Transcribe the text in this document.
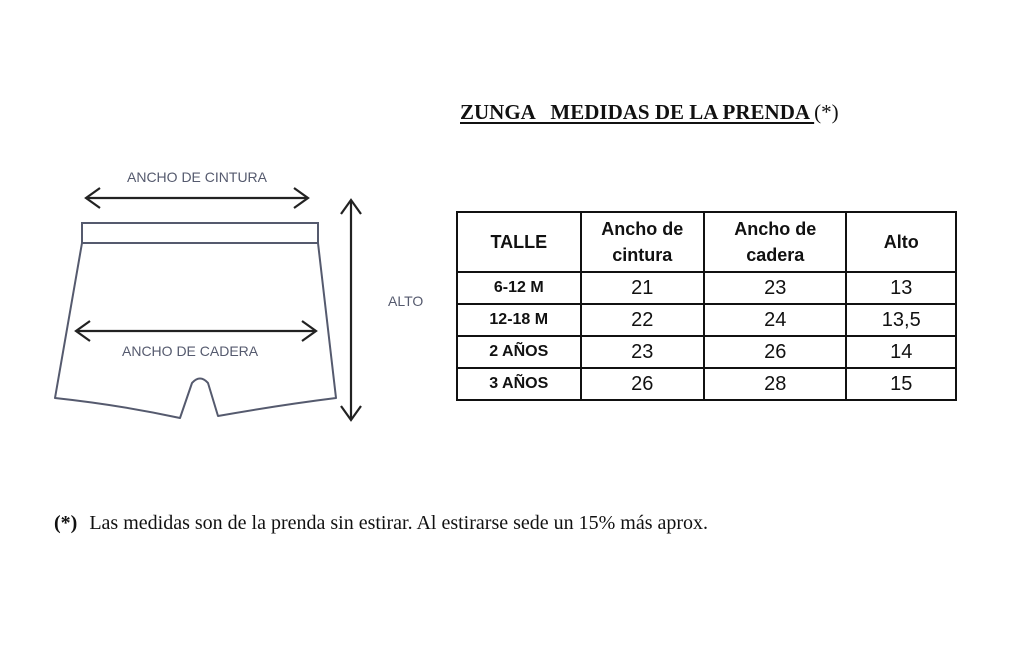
ZUNGA   MEDIDAS DE LA PRENDA (*)
ANCHO DE CINTURA
ANCHO DE CADERA
ALTO
TALLE	Ancho de cintura	Ancho de cadera	Alto
6-12 M	21	23	13
12-18 M	22	24	13,5
2 AÑOS	23	26	14
3 AÑOS	26	28	15
(*) Las medidas son de la prenda sin estirar. Al estirarse sede un 15% más aprox.
